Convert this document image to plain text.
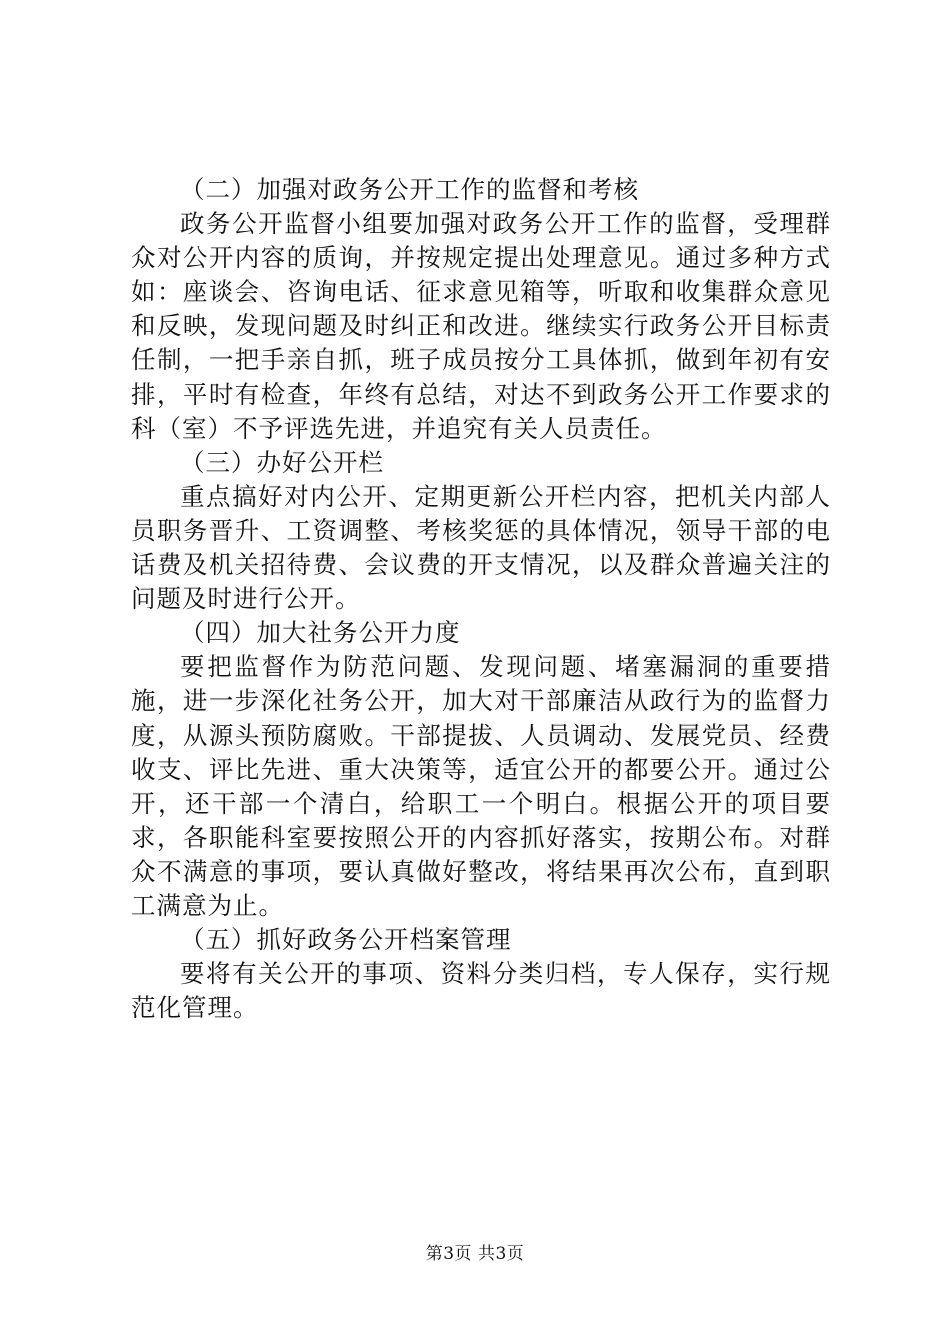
（二）加强对政务公开工作的监督和考核

政务公开监督小组要加强对政务公开工作的监督，受理群众对公开内容的质询，并按规定提出处理意见。通过多种方式如：座谈会、咨询电话、征求意见箱等，听取和收集群众意见和反映，发现问题及时纠正和改进。继续实行政务公开目标责任制，一把手亲自抓，班子成员按分工具体抓，做到年初有安排，平时有检查，年终有总结，对达不到政务公开工作要求的科（室）不予评选先进，并追究有关人员责任。

（三）办好公开栏

重点搞好对内公开、定期更新公开栏内容，把机关内部人员职务晋升、工资调整、考核奖惩的具体情况，领导干部的电话费及机关招待费、会议费的开支情况，以及群众普遍关注的问题及时进行公开。

（四）加大社务公开力度

要把监督作为防范问题、发现问题、堵塞漏洞的重要措施，进一步深化社务公开，加大对干部廉洁从政行为的监督力度，从源头预防腐败。干部提拔、人员调动、发展党员、经费收支、评比先进、重大决策等，适宜公开的都要公开。通过公开，还干部一个清白，给职工一个明白。根据公开的项目要求，各职能科室要按照公开的内容抓好落实，按期公布。对群众不满意的事项，要认真做好整改，将结果再次公布，直到职工满意为止。

（五）抓好政务公开档案管理

要将有关公开的事项、资料分类归档，专人保存，实行规范化管理。

第3页 共3页
